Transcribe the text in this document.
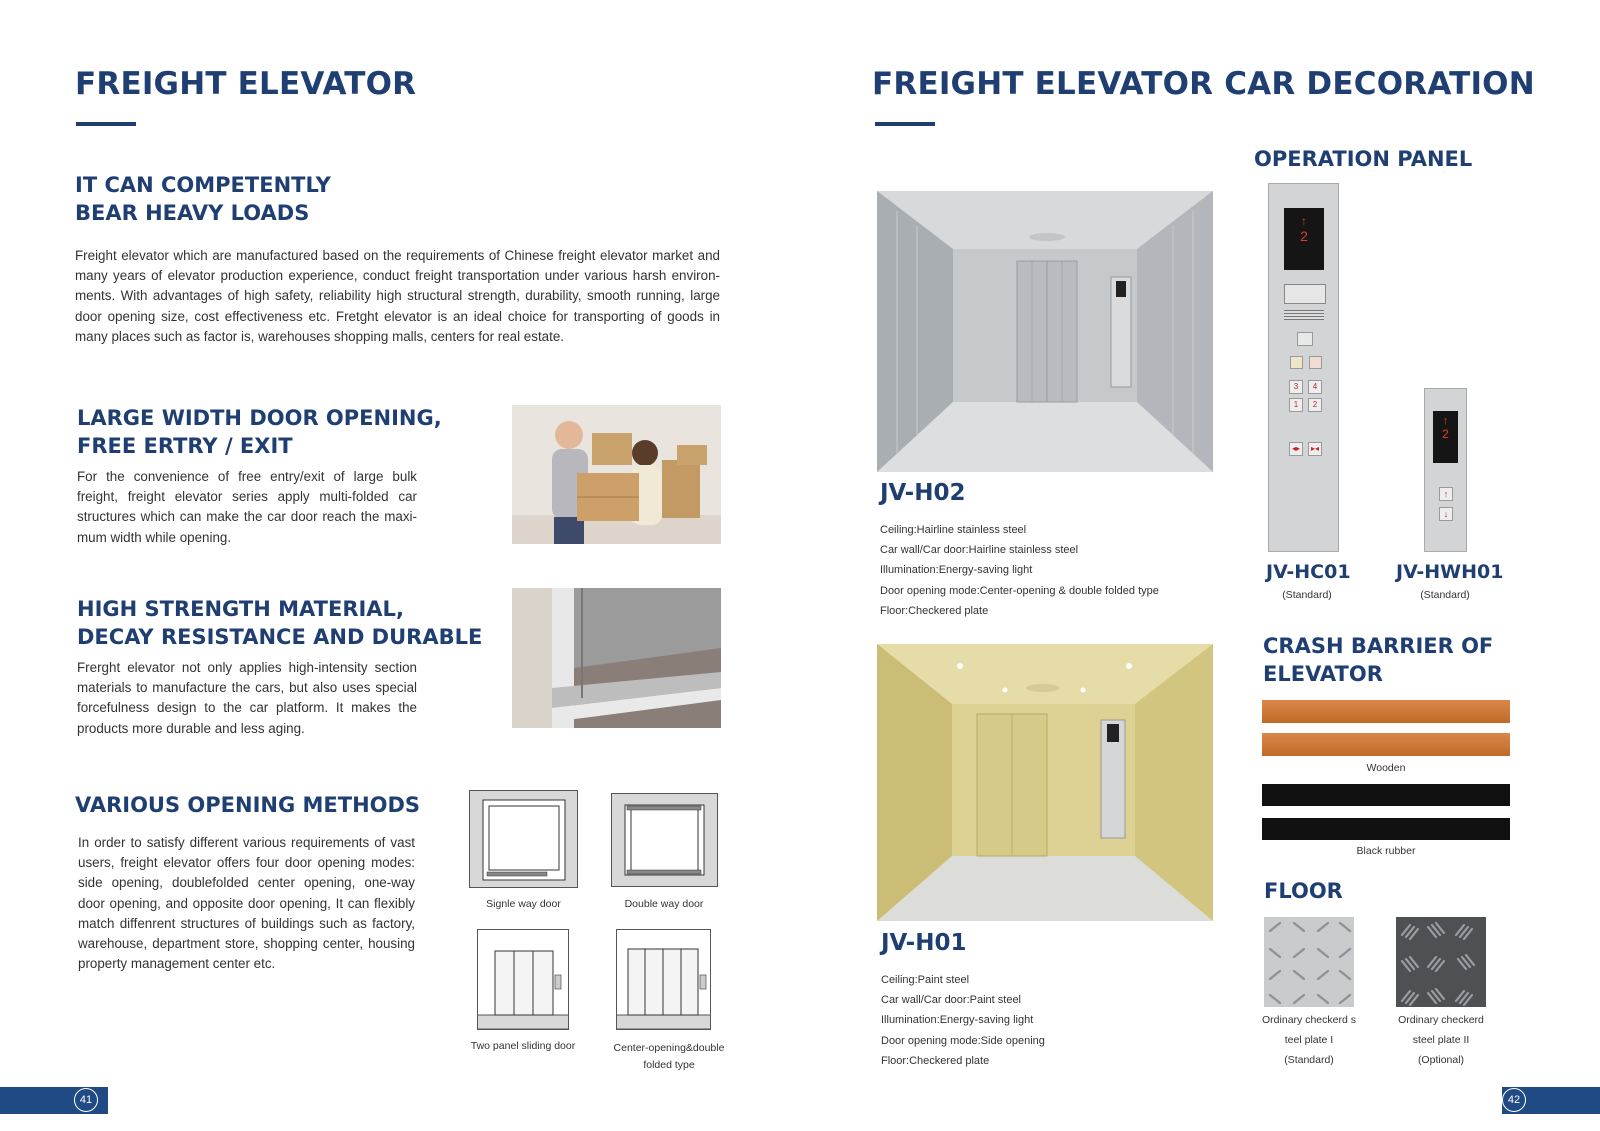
FREIGHT ELEVATOR
IT CAN COMPETENTLY
BEAR HEAVY LOADS
Freight elevator which are manufactured based on the requirements of Chinese freight elevator market and many years of elevator production experience, conduct freight transportation under various harsh environ-ments. With advantages of high safety, reliability high structural strength, durability, smooth running, large door opening size, cost effectiveness etc. Fretght elevator is an ideal choice for transporting of goods in many places such as factor is, warehouses shopping malls, centers for real estate.
LARGE WIDTH DOOR OPENING,
FREE ERTRY / EXIT
For the convenience of free entry/exit of large bulk freight, freight elevator series apply multi-folded car structures which can make the car door reach the maxi-mum width while opening.
HIGH STRENGTH MATERIAL,
DECAY RESISTANCE AND DURABLE
Frerght elevator not only applies high-intensity section materials to manufacture the cars, but also uses special forcefulness design to the car platform. It makes the products more durable and less aging.
VARIOUS OPENING METHODS
In order to satisfy different various requirements of vast users, freight elevator offers four door opening modes: side opening, doublefolded center opening, one-way door opening, and opposite door opening, It can flexibly match diffenrent structures of buildings such as factory, warehouse, department store, shopping center, housing property management center etc.
Signle way door	Double way door
Two panel sliding door	Center-opening&double
folded type
41
FREIGHT ELEVATOR CAR DECORATION
JV-H02
Ceiling:Hairline stainless steel
Car wall/Car door:Hairline stainless steel
Illumination:Energy-saving light
Door opening mode:Center-opening & double folded type
Floor:Checkered plate
JV-H01
Ceiling:Paint steel
Car wall/Car door:Paint steel
Illumination:Energy-saving light
Door opening mode:Side opening
Floor:Checkered plate
OPERATION PANEL
↑
2
3	4
1	2
◂▸	▸◂
JV-HC01
(Standard)
↑
2
↑
↓
JV-HWH01
(Standard)
CRASH BARRIER OF
ELEVATOR
Wooden
Black rubber
FLOOR
Ordinary checkerd s
teel plate I
(Standard)
Ordinary checkerd
steel plate II
(Optional)
42
